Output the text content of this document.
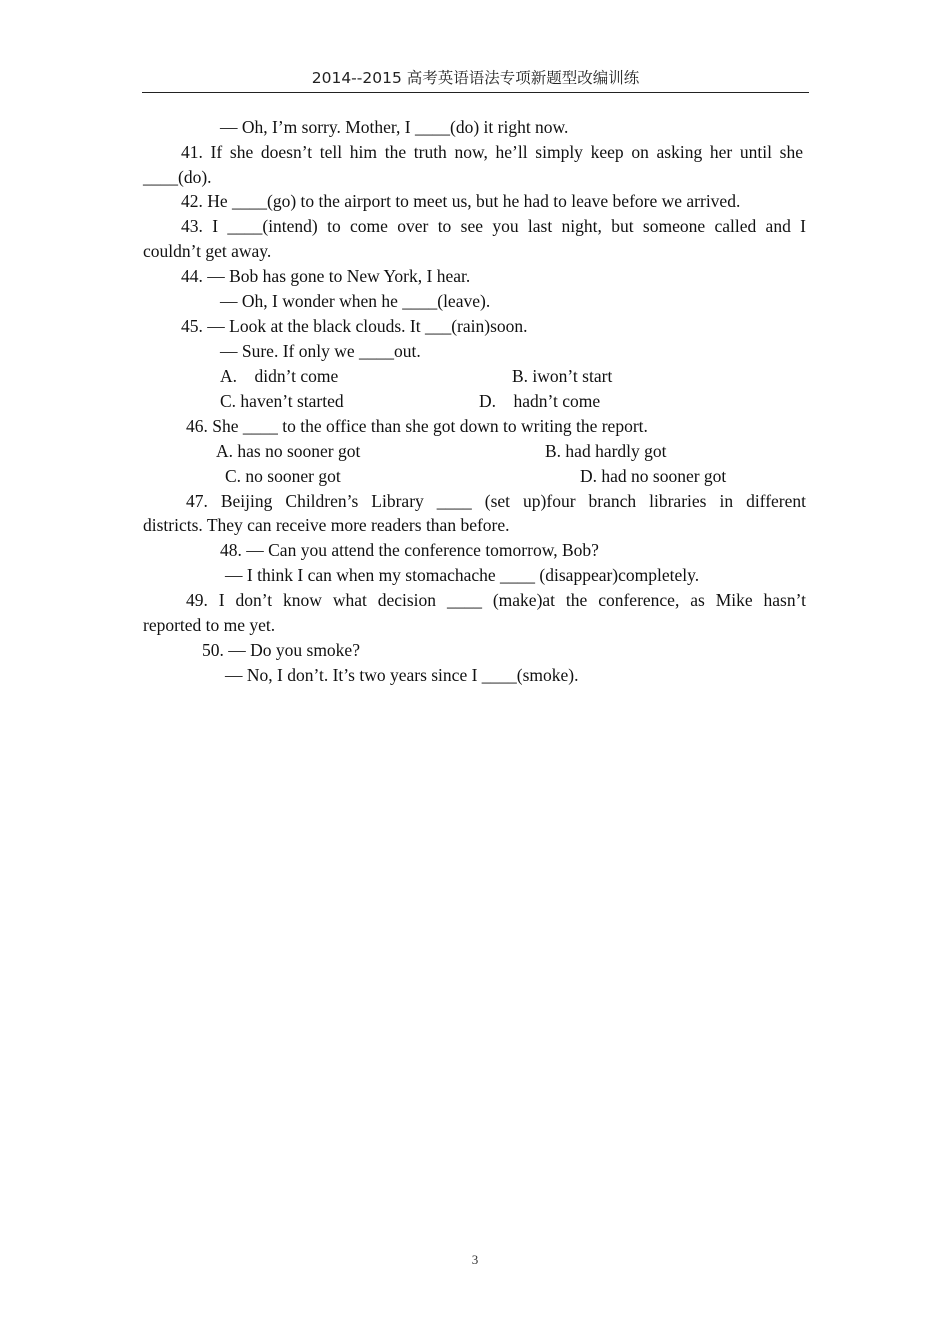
2014--2015 高考英语语法专项新题型改编训练
— Oh, I’m sorry. Mother, I ____(do) it right now.
41. If she doesn’t tell him the truth now, he’ll simply keep on asking her until she
____(do).
42. He ____(go) to the airport to meet us, but he had to leave before we arrived.
43. I ____(intend) to come over to see you last night, but someone called and I
couldn’t get away.
44. — Bob has gone to New York, I hear.
— Oh, I wonder when he ____(leave).
45. — Look at the black clouds. It ___(rain)soon.
— Sure. If only we ____out.
A.    didn’t come	B. iwon’t start
C. haven’t started	D.    hadn’t come
46. She ____ to the office than she got down to writing the report.
A. has no sooner got	B. had hardly got
C. no sooner got	D. had no sooner got
47. Beijing Children’s Library ____ (set up)four branch libraries in different
districts. They can receive more readers than before.
48. — Can you attend the conference tomorrow, Bob?
— I think I can when my stomachache ____ (disappear)completely.
49. I don’t know what decision ____ (make)at the conference, as Mike hasn’t
reported to me yet.
50. — Do you smoke?
— No, I don’t. It’s two years since I ____(smoke).
3
